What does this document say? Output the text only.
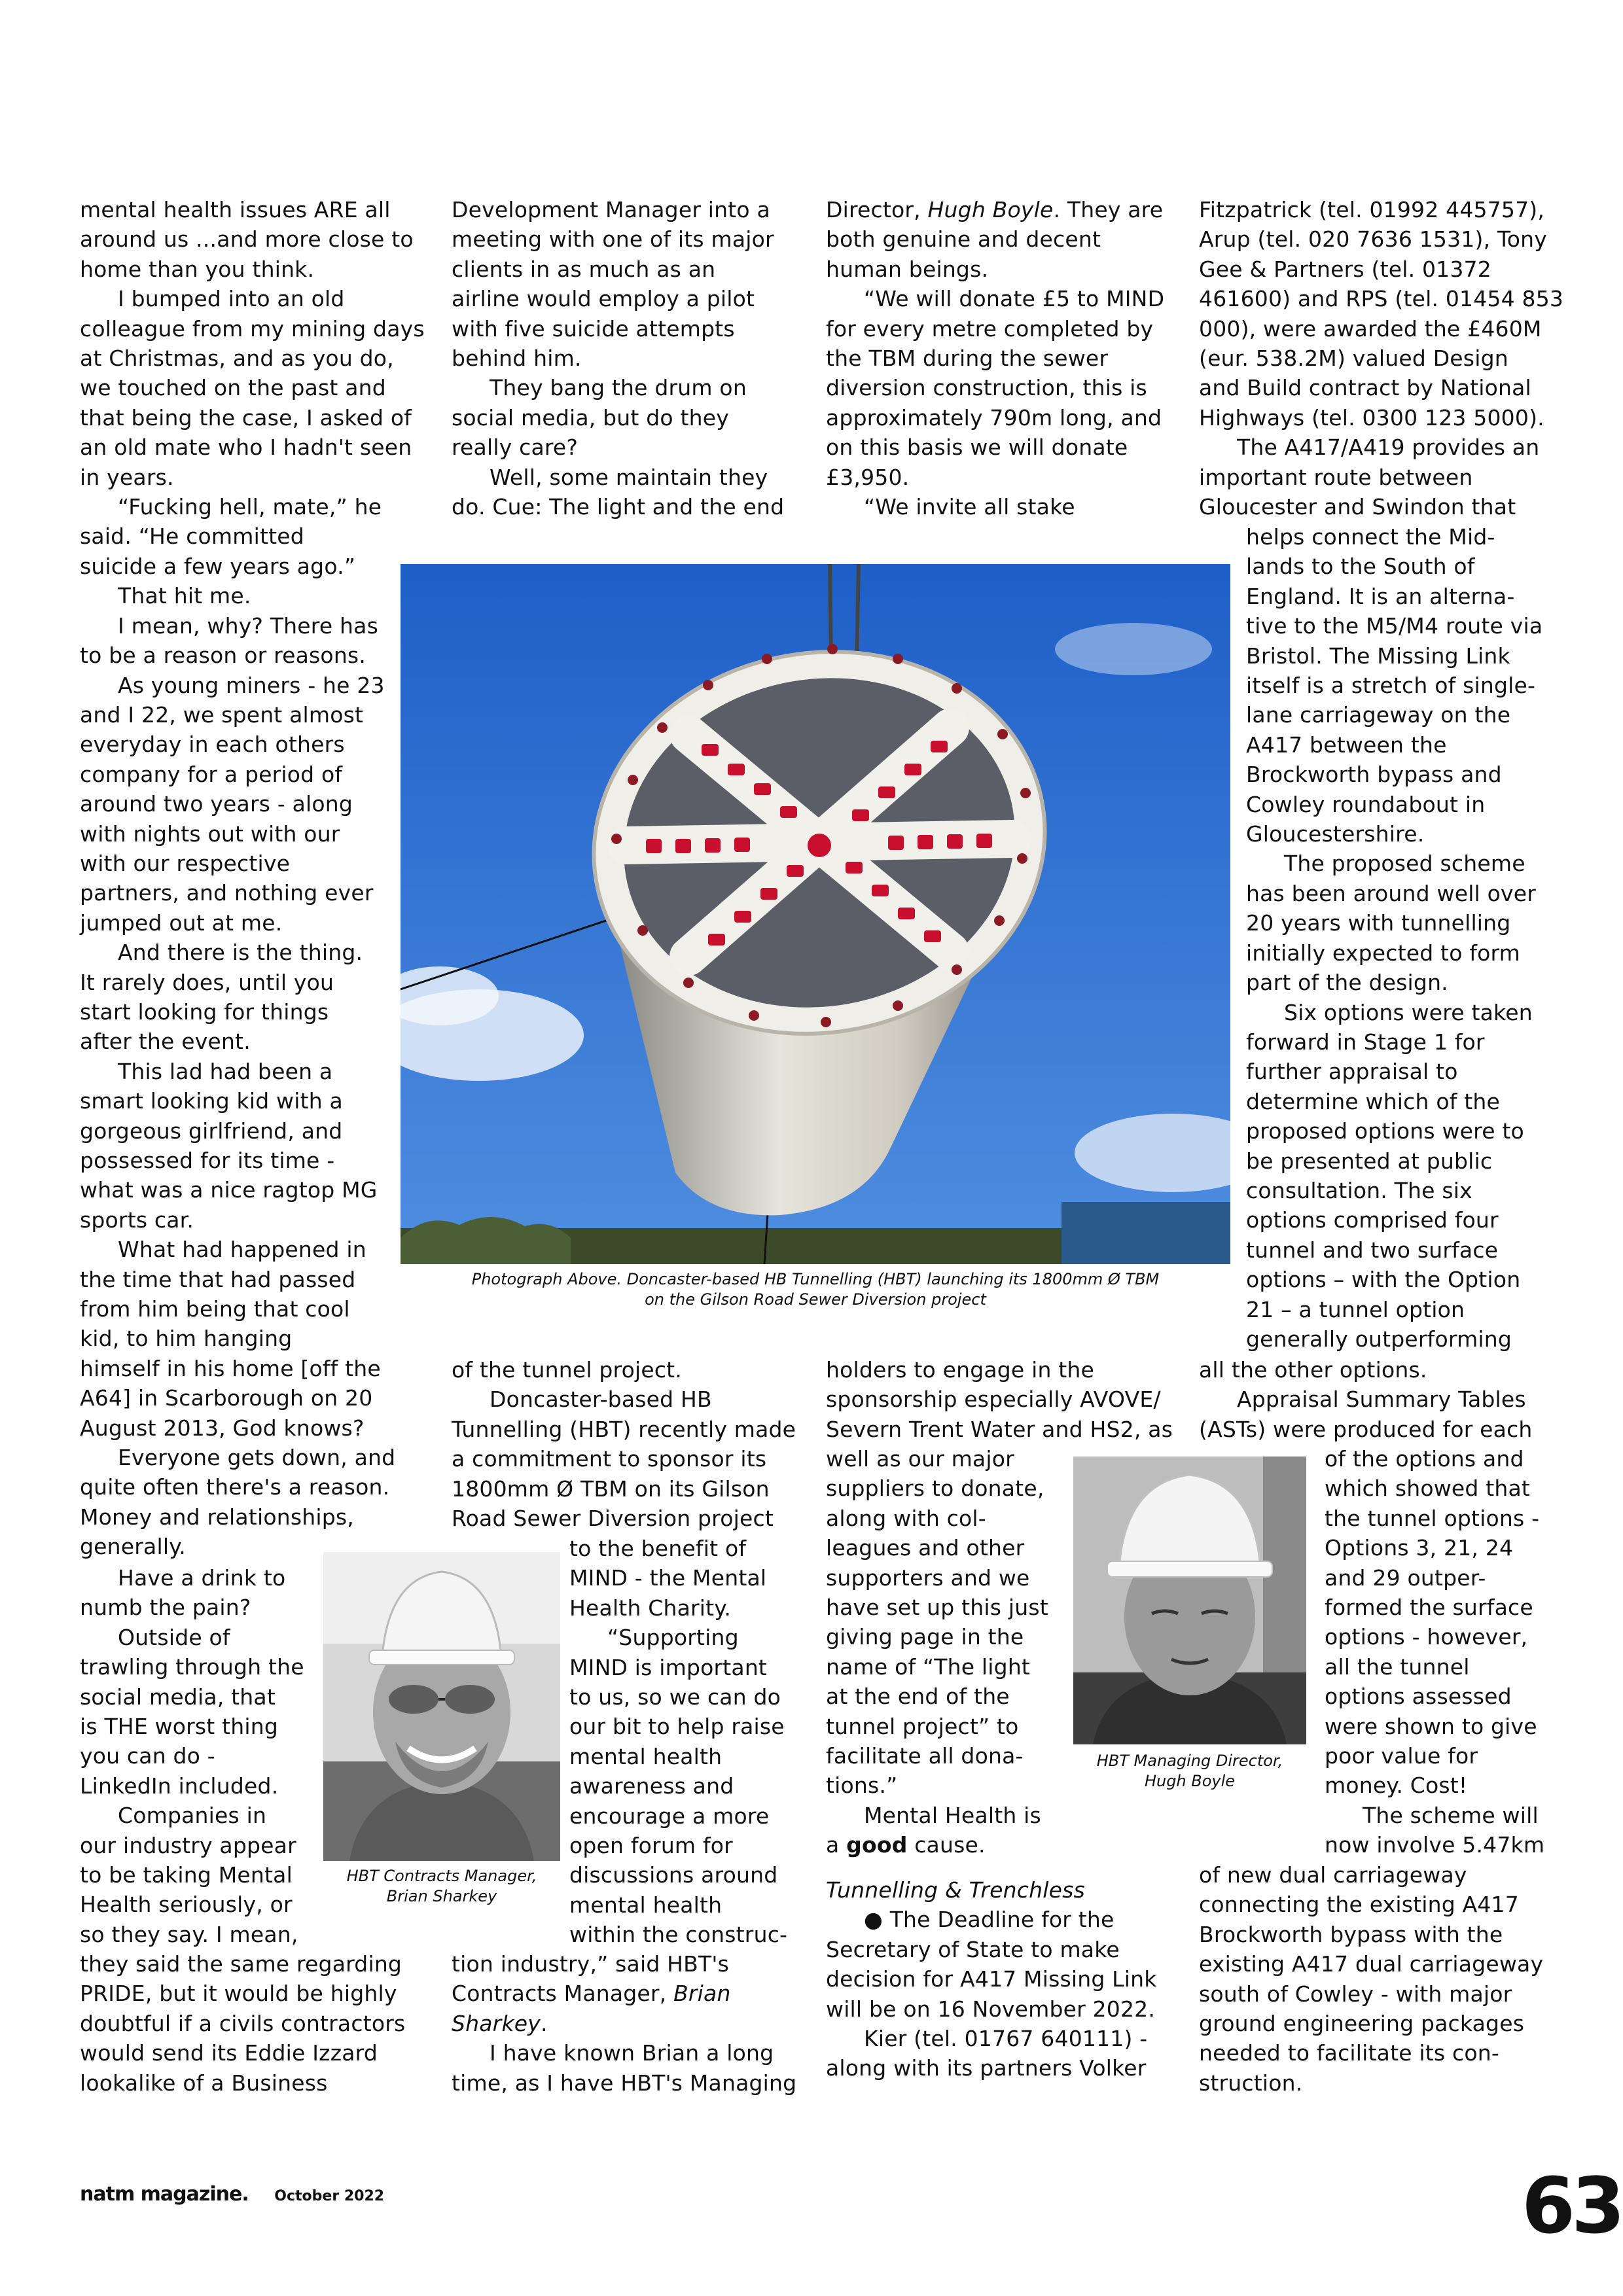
mental health issues ARE all

around us ...and more close to

home than you think.

I bumped into an old

colleague from my mining days

at Christmas, and as you do,

we touched on the past and

that being the case, I asked of

an old mate who I hadn't seen

in years.

“Fucking hell, mate,” he

said. “He committed

suicide a few years ago.”

That hit me.

I mean, why? There has

to be a reason or reasons.

As young miners - he 23

and I 22, we spent almost

everyday in each others

company for a period of

around two years - along

with nights out with our

with our respective

partners, and nothing ever

jumped out at me.

And there is the thing.

It rarely does, until you

start looking for things

after the event.

This lad had been a

smart looking kid with a

gorgeous girlfriend, and

possessed for its time -

what was a nice ragtop MG

sports car.

What had happened in

the time that had passed

from him being that cool

kid, to him hanging

himself in his home [off the

A64] in Scarborough on 20

August 2013, God knows?

Everyone gets down, and

quite often there's a reason.

Money and relationships,

generally.

Have a drink to

numb the pain?

Outside of

trawling through the

social media, that

is THE worst thing

you can do -

LinkedIn included.

Companies in

our industry appear

to be taking Mental

Health seriously, or

so they say. I mean,

they said the same regarding

PRIDE, but it would be highly

doubtful if a civils contractors

would send its Eddie Izzard

lookalike of a Business

Development Manager into a

meeting with one of its major

clients in as much as an

airline would employ a pilot

with five suicide attempts

behind him.

They bang the drum on

social media, but do they

really care?

Well, some maintain they

do. Cue: The light and the end

of the tunnel project.

Doncaster-based HB

Tunnelling (HBT) recently made

a commitment to sponsor its

1800mm Ø TBM on its Gilson

Road Sewer Diversion project

to the benefit of

MIND - the Mental

Health Charity.

“Supporting

MIND is important

to us, so we can do

our bit to help raise

mental health

awareness and

encourage a more

open forum for

discussions around

mental health

within the construc-

tion industry,” said HBT's

Contracts Manager, Brian

Sharkey.

I have known Brian a long

time, as I have HBT's Managing

Director, Hugh Boyle. They are

both genuine and decent

human beings.

“We will donate £5 to MIND

for every metre completed by

the TBM during the sewer

diversion construction, this is

approximately 790m long, and

on this basis we will donate

£3,950.

“We invite all stake

holders to engage in the

sponsorship especially AVOVE/

Severn Trent Water and HS2, as

well as our major

suppliers to donate,

along with col-

leagues and other

supporters and we

have set up this just

giving page in the

name of “The light

at the end of the

tunnel project” to

facilitate all dona-

tions.”

Mental Health is

a good cause.

Tunnelling & Trenchless

● The Deadline for the

Secretary of State to make

decision for A417 Missing Link

will be on 16 November 2022.

Kier (tel. 01767 640111) -

along with its partners Volker

Fitzpatrick (tel. 01992 445757),

Arup (tel. 020 7636 1531), Tony

Gee & Partners (tel. 01372

461600) and RPS (tel. 01454 853

000), were awarded the £460M

(eur. 538.2M) valued Design

and Build contract by National

Highways (tel. 0300 123 5000).

The A417/A419 provides an

important route between

Gloucester and Swindon that

helps connect the Mid-

lands to the South of

England. It is an alterna-

tive to the M5/M4 route via

Bristol. The Missing Link

itself is a stretch of single-

lane carriageway on the

A417 between the

Brockworth bypass and

Cowley roundabout in

Gloucestershire.

The proposed scheme

has been around well over

20 years with tunnelling

initially expected to form

part of the design.

Six options were taken

forward in Stage 1 for

further appraisal to

determine which of the

proposed options were to

be presented at public

consultation. The six

options comprised four

tunnel and two surface

options – with the Option

21 – a tunnel option

generally outperforming

all the other options.

Appraisal Summary Tables

(ASTs) were produced for each

of the options and

which showed that

the tunnel options -

Options 3, 21, 24

and 29 outper-

formed the surface

options - however,

all the tunnel

options assessed

were shown to give

poor value for

money. Cost!

The scheme will

now involve 5.47km

of new dual carriageway

connecting the existing A417

Brockworth bypass with the

existing A417 dual carriageway

south of Cowley - with major

ground engineering packages

needed to facilitate its con-

struction.

Photograph Above. Doncaster-based HB Tunnelling (HBT) launching its 1800mm Ø TBM
on the Gilson Road Sewer Diversion project
HBT Contracts Manager,
Brian Sharkey
HBT Managing Director,
Hugh Boyle
natm magazine. October 2022	63
